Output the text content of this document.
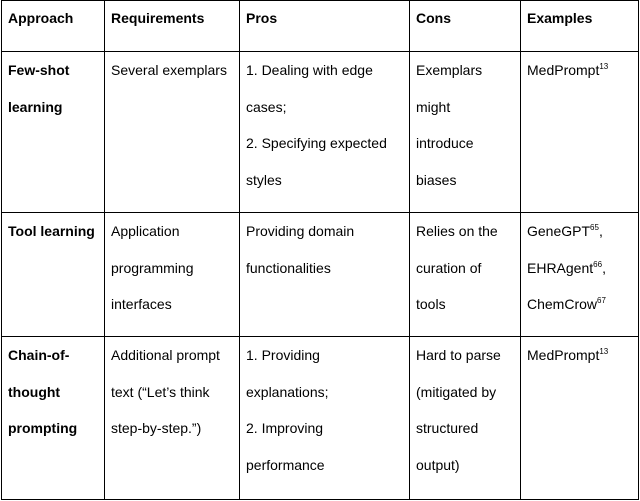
Approach	Requirements	Pros	Cons	Examples

Few-shot
learning	Several exemplars	1. Dealing with edge
cases;
2. Specifying expected
styles	Exemplars
might
introduce
biases	MedPrompt$^{13}$

Tool learning	Application
programming
interfaces	Providing domain
functionalities	Relies on the
curation of
tools	GeneGPT$^{65}$,
EHRAgent$^{66}$,
ChemCrow$^{67}$

Chain-of-
thought
prompting	Additional prompt
text (“Let’s think
step-by-step.”)	1. Providing
explanations;
2. Improving
performance	Hard to parse
(mitigated by
structured
output)	MedPrompt$^{13}$
